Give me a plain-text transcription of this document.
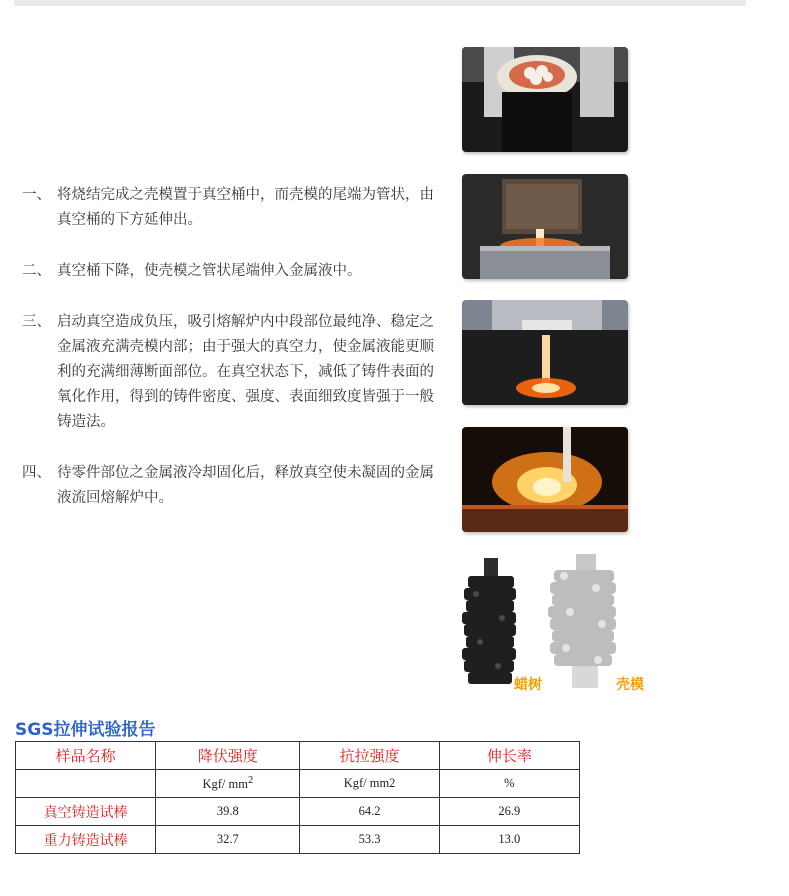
一、 将烧结完成之壳模置于真空桶中，而壳模的尾端为管状，由真空桶的下方延伸出。
二、 真空桶下降，使壳模之管状尾端伸入金属液中。
三、 启动真空造成负压，吸引熔解炉内中段部位最纯净、稳定之金属液充满壳模内部；由于强大的真空力，使金属液能更顺利的充满细薄断面部位。在真空状态下，减低了铸件表面的氧化作用，得到的铸件密度、强度、表面细致度皆强于一般铸造法。
四、 待零件部位之金属液冷却固化后，释放真空使未凝固的金属液流回熔解炉中。
蜡树	壳模
SGS拉伸试验报告
样品名称	降伏强度	抗拉强度	伸长率
	Kgf/ $mm^2$	Kgf/ mm2	%
真空铸造试棒	39.8	64.2	26.9
重力铸造试棒	32.7	53.3	13.0
